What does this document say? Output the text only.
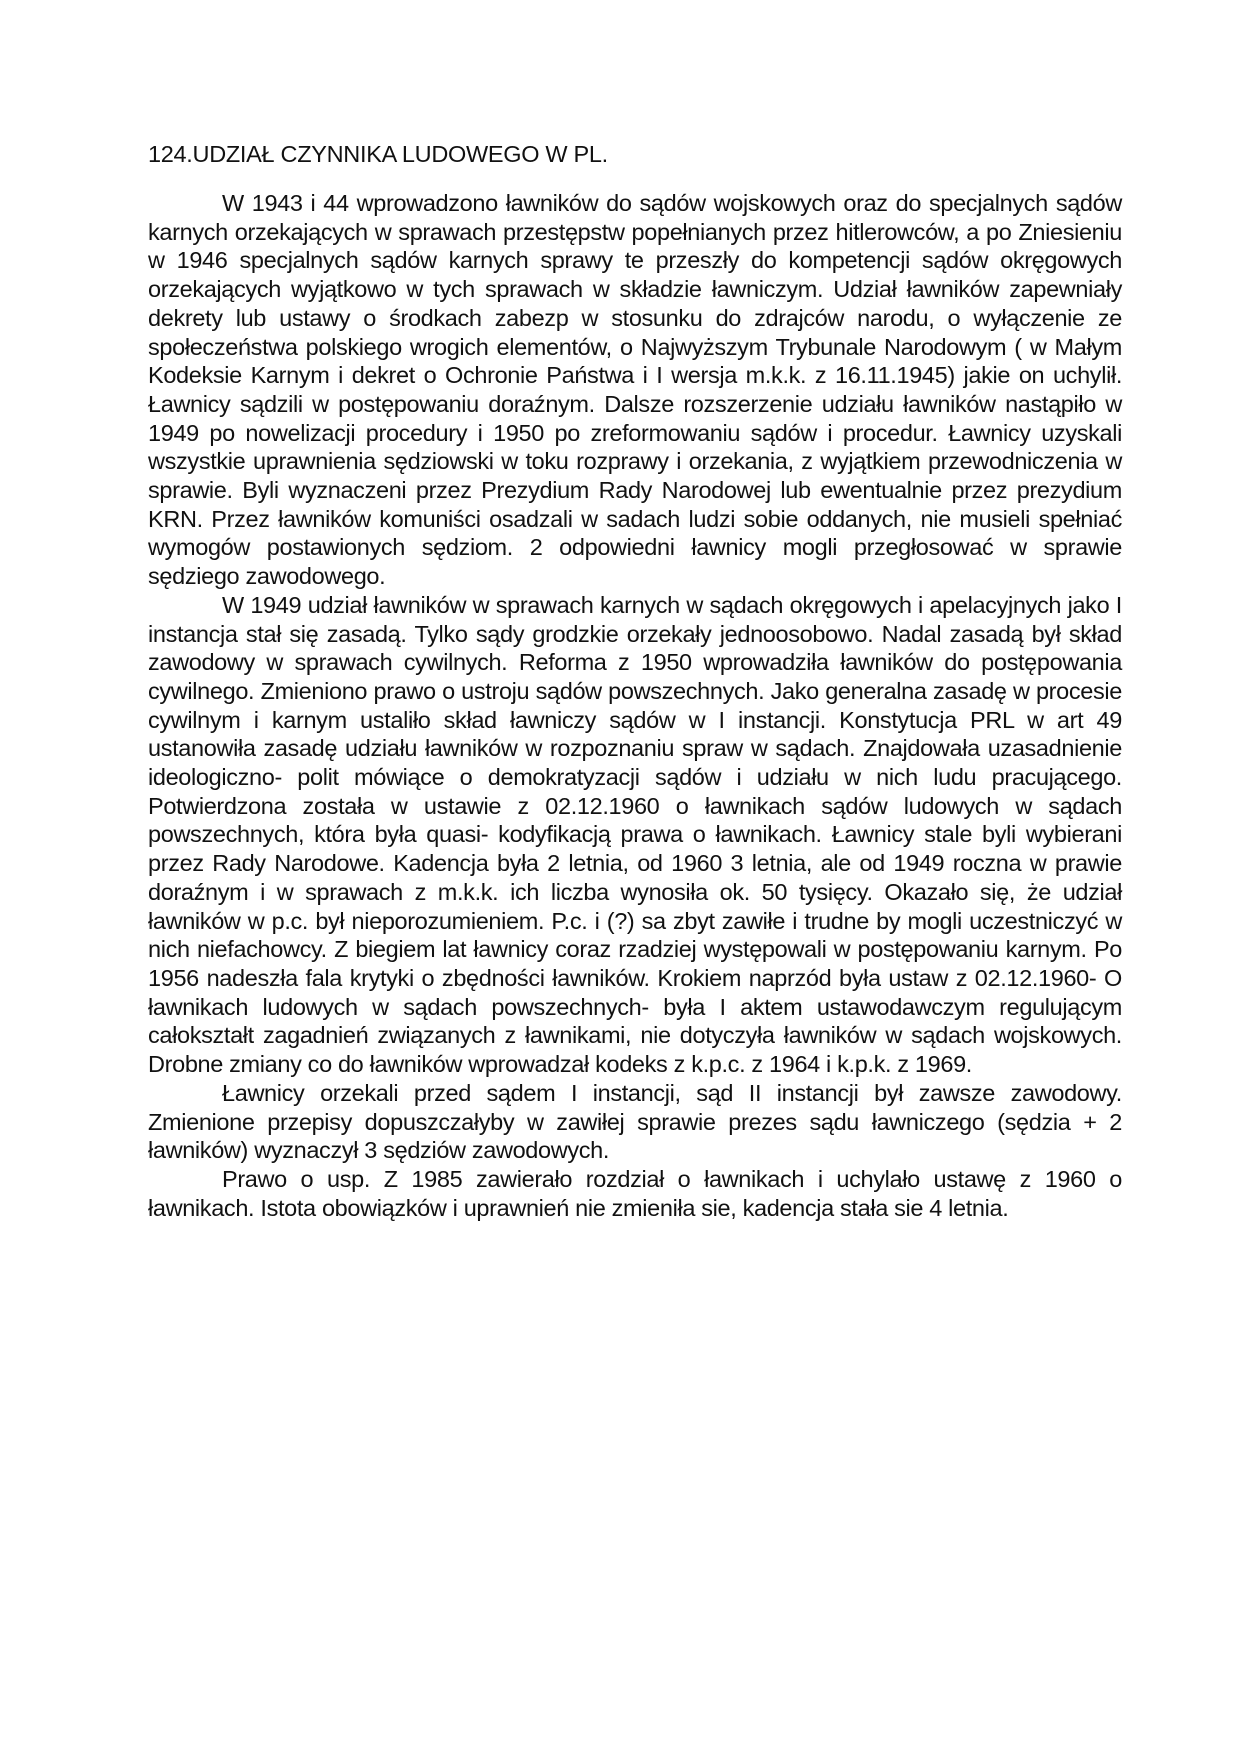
124.UDZIAŁ CZYNNIKA LUDOWEGO W PL.

W 1943 i 44 wprowadzono ławników do sądów wojskowych oraz do specjalnych sądów karnych orzekających w sprawach przestępstw popełnianych przez hitlerowców, a po Zniesieniu w 1946 specjalnych sądów karnych sprawy te przeszły do kompetencji sądów okręgowych orzekających wyjątkowo w tych sprawach w składzie ławniczym. Udział ławników zapewniały dekrety lub ustawy o środkach zabezp w stosunku do zdrajców narodu, o wyłączenie ze społeczeństwa polskiego wrogich elementów, o Najwyższym Trybunale Narodowym ( w Małym Kodeksie Karnym i dekret o Ochronie Państwa i I wersja m.k.k. z 16.11.1945) jakie on uchylił. Ławnicy sądzili w postępowaniu doraźnym. Dalsze rozszerzenie udziału ławników nastąpiło w 1949 po nowelizacji procedury i 1950 po zreformowaniu sądów i procedur. Ławnicy uzyskali wszystkie uprawnienia sędziowski w toku rozprawy i orzekania, z wyjątkiem przewodniczenia w sprawie. Byli wyznaczeni przez Prezydium Rady Narodowej lub ewentualnie przez prezydium KRN. Przez ławników komuniści osadzali w sadach ludzi sobie oddanych, nie musieli spełniać wymogów postawionych sędziom. 2 odpowiedni ławnicy mogli przegłosować w sprawie sędziego zawodowego.

W 1949 udział ławników w sprawach karnych w sądach okręgowych i apelacyjnych jako I instancja stał się zasadą. Tylko sądy grodzkie orzekały jednoosobowo. Nadal zasadą był skład zawodowy w sprawach cywilnych. Reforma z 1950 wprowadziła ławników do postępowania cywilnego. Zmieniono prawo o ustroju sądów powszechnych. Jako generalna zasadę w procesie cywilnym i karnym ustaliło skład ławniczy sądów w I instancji. Konstytucja PRL w art 49 ustanowiła zasadę udziału ławników w rozpoznaniu spraw w sądach. Znajdowała uzasadnienie ideologiczno- polit mówiące o demokratyzacji sądów i udziału w nich ludu pracującego. Potwierdzona została w ustawie z 02.12.1960 o ławnikach sądów ludowych w sądach powszechnych, która była quasi- kodyfikacją prawa o ławnikach. Ławnicy stale byli wybierani przez Rady Narodowe. Kadencja była 2 letnia, od 1960 3 letnia, ale od 1949 roczna w prawie doraźnym i w sprawach z m.k.k. ich liczba wynosiła ok. 50 tysięcy. Okazało się, że udział ławników w p.c. był nieporozumieniem. P.c. i (?) sa zbyt zawiłe i trudne by mogli uczestniczyć w nich niefachowcy. Z biegiem lat ławnicy coraz rzadziej występowali w postępowaniu karnym. Po 1956 nadeszła fala krytyki o zbędności ławników. Krokiem naprzód była ustaw z 02.12.1960- O ławnikach ludowych w sądach powszechnych- była I aktem ustawodawczym regulującym całokształt zagadnień związanych z ławnikami, nie dotyczyła ławników w sądach wojskowych. Drobne zmiany co do ławników wprowadzał kodeks z k.p.c. z 1964 i k.p.k. z 1969.

Ławnicy orzekali przed sądem I instancji, sąd II instancji był zawsze zawodowy. Zmienione przepisy dopuszczałyby w zawiłej sprawie prezes sądu ławniczego (sędzia + 2 ławników) wyznaczył 3 sędziów zawodowych.

Prawo o usp. Z 1985 zawierało rozdział o ławnikach i uchylało ustawę z 1960 o ławnikach. Istota obowiązków i uprawnień nie zmieniła sie, kadencja stała sie 4 letnia.
